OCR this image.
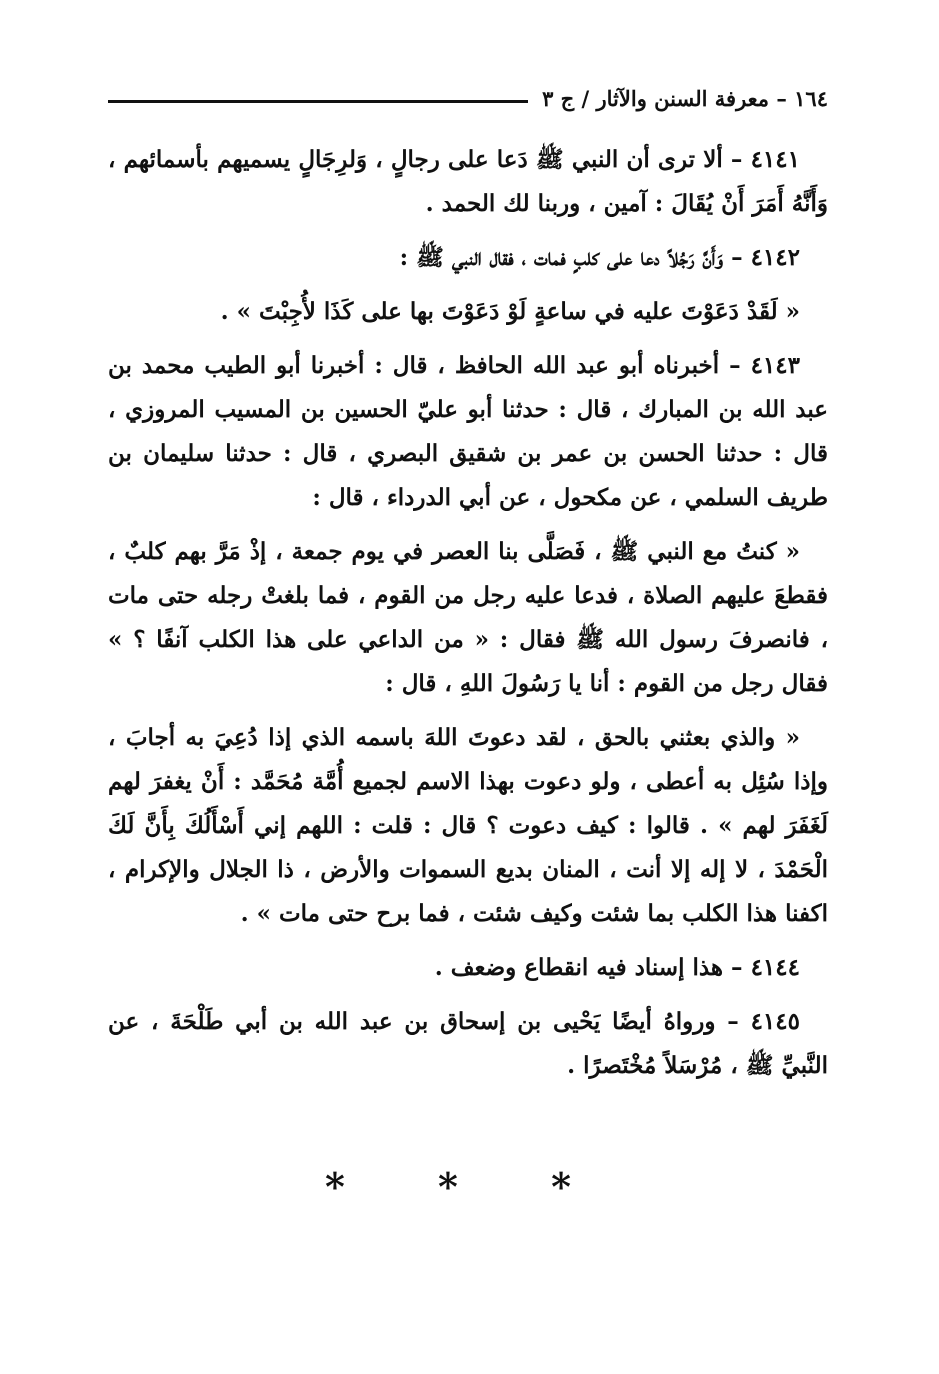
١٦٤ – معرفة السنن والآثار / ج ٣

٤١٤١ – ألا ترى أن النبي ﷺ دَعا على رجالٍ ، وَلرِجَالٍ يسميهم بأسمائهم ، وَأَنَّهُ أَمَرَ أَنْ يُقَالَ : آمين ، وربنا لك الحمد .

٤١٤٢ – وَأَنَّ رَجُلاً دعا على كلبٍ فمات ، فقال النبي ﷺ :

« لَقَدْ دَعَوْتَ عليه في ساعةٍ لَوْ دَعَوْتَ بها على كَذَا لأُجِبْتَ » .

٤١٤٣ – أخبرناه أبو عبد الله الحافظ ، قال : أخبرنا أبو الطيب محمد بن عبد الله بن المبارك ، قال : حدثنا أبو عليّ الحسين بن المسيب المروزي ، قال : حدثنا الحسن بن عمر بن شقيق البصري ، قال : حدثنا سليمان بن طريف السلمي ، عن مكحول ، عن أبي الدرداء ، قال :

« كنتُ مع النبي ﷺ ، فَصَلَّى بنا العصر في يوم جمعة ، إذْ مَرَّ بهم كلبٌ ، فقطعَ عليهم الصلاة ، فدعا عليه رجل من القوم ، فما بلغتْ رجله حتى مات ، فانصرفَ رسول الله ﷺ فقال : « من الداعي على هذا الكلب آنفًا ؟ » فقال رجل من القوم : أنا يا رَسُولَ اللهِ ، قال :

« والذي بعثني بالحق ، لقد دعوتَ اللهَ باسمه الذي إذا دُعِيَ به أجابَ ، وإذا سُئِل به أعطى ، ولو دعوت بهذا الاسم لجميع أُمَّة مُحَمَّد : أَنْ يغفرَ لهم لَغَفَرَ لهم » . قالوا : كيف دعوت ؟ قال : قلت : اللهم إني أَسْأَلُكَ بِأَنَّ لَكَ الْحَمْدَ ، لا إله إلا أنت ، المنان بديع السموات والأرض ، ذا الجلال والإكرام ، اكفنا هذا الكلب بما شئت وكيف شئت ، فما برح حتى مات » .

٤١٤٤ – هذا إسناد فيه انقطاع وضعف .

٤١٤٥ – ورواهُ أيضًا يَحْيى بن إسحاق بن عبد الله بن أبي طَلْحَةَ ، عن النَّبيِّ ﷺ ، مُرْسَلاً مُخْتَصرًا .

* * *
